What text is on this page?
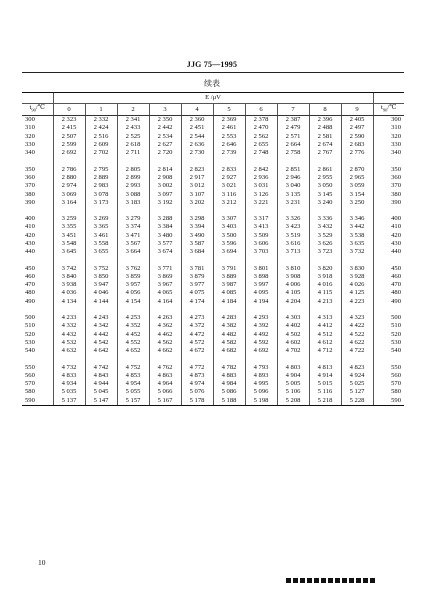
JJG 75—1995
续表
	E /μV										
$t_{90}/℃$	0	1	2	3	4	5	6	7	8	9	$t_{90}/℃$
300	2 323	2 332	2 341	2 350	2 360	2 369	2 378	2 387	2 396	2 405	300
310	2 415	2 424	2 433	2 442	2 451	2 461	2 470	2 479	2 488	2 497	310
320	2 507	2 516	2 525	2 534	2 544	2 553	2 562	2 571	2 581	2 590	320
330	2 599	2 609	2 618	2 627	2 636	2 646	2 655	2 664	2 674	2 683	330
340	2 692	2 702	2 711	2 720	2 730	2 739	2 748	2 758	2 767	2 776	340

350	2 786	2 795	2 805	2 814	2 823	2 833	2 842	2 851	2 861	2 870	350
360	2 880	2 889	2 899	2 908	2 917	2 927	2 936	2 946	2 955	2 965	360
370	2 974	2 983	2 993	3 002	3 012	3 021	3 031	3 040	3 050	3 059	370
380	3 069	3 078	3 088	3 097	3 107	3 116	3 126	3 135	3 145	3 154	380
390	3 164	3 173	3 183	3 192	3 202	3 212	3 221	3 231	3 240	3 250	390

400	3 259	3 269	3 279	3 288	3 298	3 307	3 317	3 326	3 336	3 346	400
410	3 355	3 365	3 374	3 384	3 394	3 403	3 413	3 423	3 432	3 442	410
420	3 451	3 461	3 471	3 480	3 490	3 500	3 509	3 519	3 529	3 538	420
430	3 548	3 558	3 567	3 577	3 587	3 596	3 606	3 616	3 626	3 635	430
440	3 645	3 655	3 664	3 674	3 684	3 694	3 703	3 713	3 723	3 732	440

450	3 742	3 752	3 762	3 771	3 781	3 791	3 801	3 810	3 820	3 830	450
460	3 840	3 850	3 859	3 869	3 879	3 889	3 898	3 908	3 918	3 928	460
470	3 938	3 947	3 957	3 967	3 977	3 987	3 997	4 006	4 016	4 026	470
480	4 036	4 046	4 056	4 065	4 075	4 085	4 095	4 105	4 115	4 125	480
490	4 134	4 144	4 154	4 164	4 174	4 184	4 194	4 204	4 213	4 223	490

500	4 233	4 243	4 253	4 263	4 273	4 283	4 293	4 303	4 313	4 323	500
510	4 332	4 342	4 352	4 362	4 372	4 382	4 392	4 402	4 412	4 422	510
520	4 432	4 442	4 452	4 462	4 472	4 482	4 492	4 502	4 512	4 522	520
530	4 532	4 542	4 552	4 562	4 572	4 582	4 592	4 602	4 612	4 622	530
540	4 632	4 642	4 652	4 662	4 672	4 682	4 692	4 702	4 712	4 722	540

550	4 732	4 742	4 752	4 762	4 772	4 782	4 793	4 803	4 813	4 823	550
560	4 833	4 843	4 853	4 863	4 873	4 883	4 893	4 904	4 914	4 924	560
570	4 934	4 944	4 954	4 964	4 974	4 984	4 995	5 005	5 015	5 025	570
580	5 035	5 045	5 055	5 066	5 076	5 086	5 096	5 106	5 116	5 127	580
590	5 137	5 147	5 157	5 167	5 178	5 188	5 198	5 208	5 218	5 228	590
10
